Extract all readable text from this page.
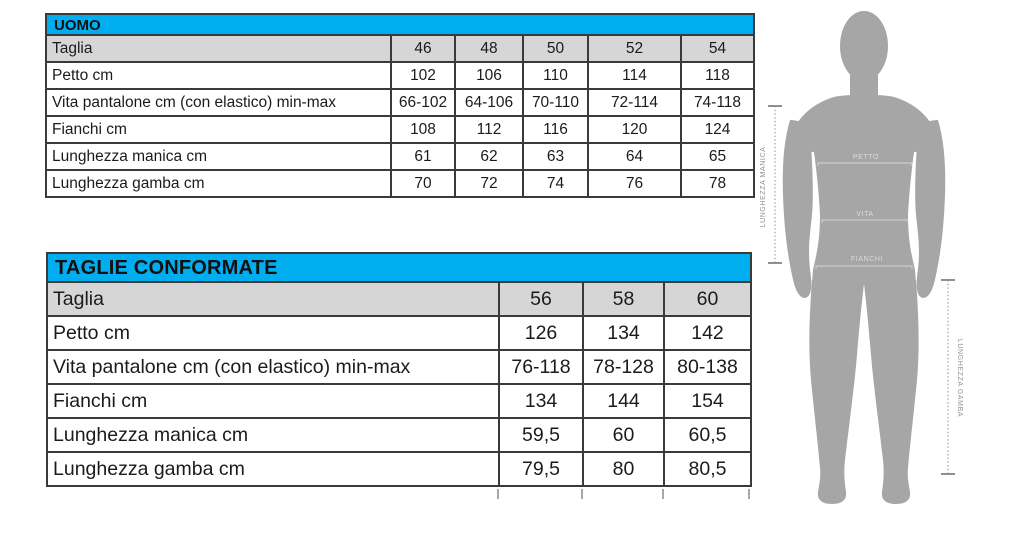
UOMO
Taglia	46	48	50	52	54
Petto cm	102	106	110	114	118
Vita pantalone cm (con elastico) min-max	66-102	64-106	70-110	72-114	74-118
Fianchi cm	108	112	116	120	124
Lunghezza manica cm	61	62	63	64	65
Lunghezza gamba cm	70	72	74	76	78
TAGLIE CONFORMATE
Taglia	56	58	60
Petto cm	126	134	142
Vita pantalone cm (con elastico) min-max	76-118	78-128	80-138
Fianchi cm	134	144	154
Lunghezza manica cm	59,5	60	60,5
Lunghezza gamba cm	79,5	80	80,5
PETTO
VITA
FIANCHI
LUNGHEZZA MANICA
LUNGHEZZA GAMBA
